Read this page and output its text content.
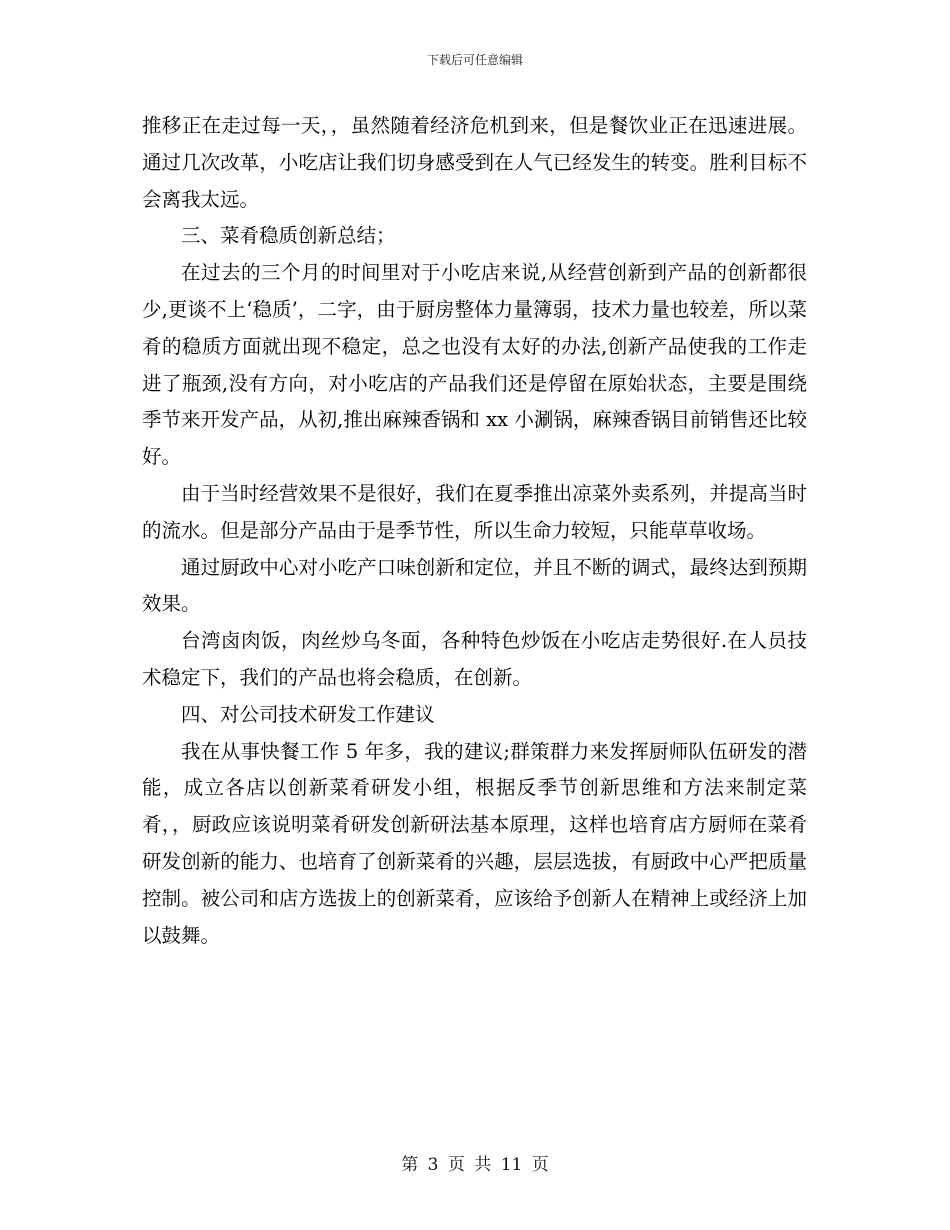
下载后可任意编辑

推移正在走过每一天，，虽然随着经济危机到来，但是餐饮业正在迅速进展。通过几次改革，小吃店让我们切身感受到在人气已经发生的转变。胜利目标不会离我太远。

三、菜肴稳质创新总结；

在过去的三个月的时间里对于小吃店来说,从经营创新到产品的创新都很少,更谈不上‘稳质’，二字，由于厨房整体力量簿弱，技术力量也较差，所以菜肴的稳质方面就出现不稳定，总之也没有太好的办法,创新产品使我的工作走进了瓶颈,没有方向，对小吃店的产品我们还是停留在原始状态，主要是围绕季节来开发产品，从初,推出麻辣香锅和 xx 小涮锅，麻辣香锅目前销售还比较好。

由于当时经营效果不是很好，我们在夏季推出凉菜外卖系列，并提高当时的流水。但是部分产品由于是季节性，所以生命力较短，只能草草收场。

通过厨政中心对小吃产口味创新和定位，并且不断的调式，最终达到预期效果。

台湾卤肉饭，肉丝炒乌冬面，各种特色炒饭在小吃店走势很好.在人员技术稳定下，我们的产品也将会稳质，在创新。

四、对公司技术研发工作建议

我在从事快餐工作 5 年多，我的建议;群策群力来发挥厨师队伍研发的潜能，成立各店以创新菜肴研发小组，根据反季节创新思维和方法来制定菜肴，，厨政应该说明菜肴研发创新研法基本原理，这样也培育店方厨师在菜肴研发创新的能力、也培育了创新菜肴的兴趣，层层选拔，有厨政中心严把质量控制。被公司和店方选拔上的创新菜肴，应该给予创新人在精神上或经济上加以鼓舞。

第 3 页 共 11 页
